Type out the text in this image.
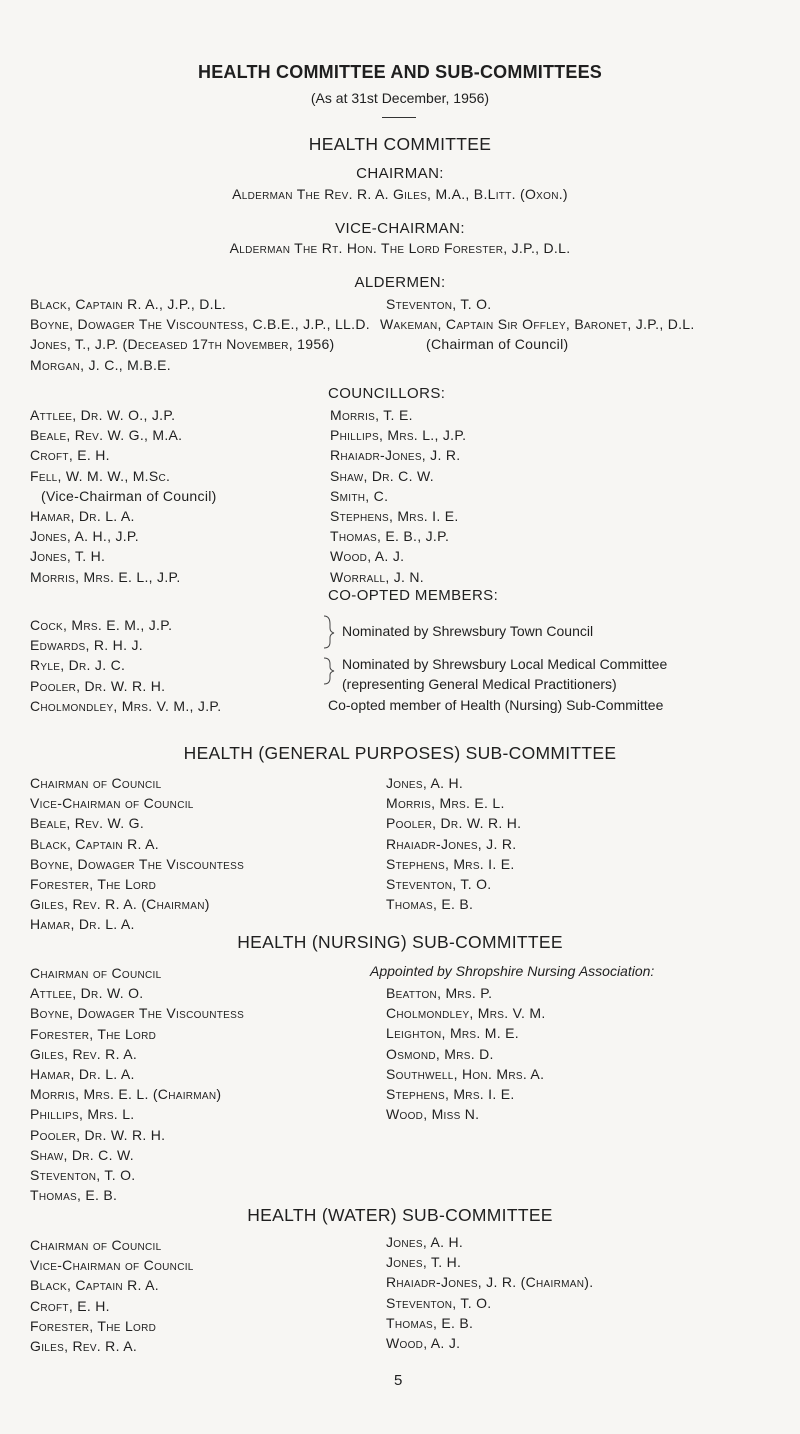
HEALTH COMMITTEE AND SUB-COMMITTEES
(As at 31st December, 1956)
HEALTH COMMITTEE
CHAIRMAN:
Alderman The Rev. R. A. Giles, M.A., B.Litt. (Oxon.)
VICE-CHAIRMAN:
Alderman The Rt. Hon. The Lord Forester, J.P., D.L.
ALDERMEN:
Black, Captain R. A., J.P., D.L.
Boyne, Dowager The Viscountess, C.B.E., J.P., LL.D.
Jones, T., J.P. (Deceased 17th November, 1956)
Morgan, J. C., M.B.E.
Steventon, T. O.
Wakeman, Captain Sir Offley, Baronet, J.P., D.L.
(Chairman of Council)
COUNCILLORS:
Attlee, Dr. W. O., J.P.
Beale, Rev. W. G., M.A.
Croft, E. H.
Fell, W. M. W., M.Sc.
(Vice-Chairman of Council)
Hamar, Dr. L. A.
Jones, A. H., J.P.
Jones, T. H.
Morris, Mrs. E. L., J.P.
Morris, T. E.
Phillips, Mrs. L., J.P.
Rhaiadr-Jones, J. R.
Shaw, Dr. C. W.
Smith, C.
Stephens, Mrs. I. E.
Thomas, E. B., J.P.
Wood, A. J.
Worrall, J. N.
CO-OPTED MEMBERS:
Cock, Mrs. E. M., J.P.
Edwards, R. H. J.
Ryle, Dr. J. C.
Pooler, Dr. W. R. H.
Cholmondley, Mrs. V. M., J.P.
Nominated by Shrewsbury Town Council
Nominated by Shrewsbury Local Medical Committee
(representing General Medical Practitioners)
Co-opted member of Health (Nursing) Sub-Committee
HEALTH (GENERAL PURPOSES) SUB-COMMITTEE
Chairman of Council
Vice-Chairman of Council
Beale, Rev. W. G.
Black, Captain R. A.
Boyne, Dowager The Viscountess
Forester, The Lord
Giles, Rev. R. A. (Chairman)
Hamar, Dr. L. A.
Jones, A. H.
Morris, Mrs. E. L.
Pooler, Dr. W. R. H.
Rhaiadr-Jones, J. R.
Stephens, Mrs. I. E.
Steventon, T. O.
Thomas, E. B.
HEALTH (NURSING) SUB-COMMITTEE
Chairman of Council
Attlee, Dr. W. O.
Boyne, Dowager The Viscountess
Forester, The Lord
Giles, Rev. R. A.
Hamar, Dr. L. A.
Morris, Mrs. E. L. (Chairman)
Phillips, Mrs. L.
Pooler, Dr. W. R. H.
Shaw, Dr. C. W.
Steventon, T. O.
Thomas, E. B.
Appointed by Shropshire Nursing Association:
Beatton, Mrs. P.
Cholmondley, Mrs. V. M.
Leighton, Mrs. M. E.
Osmond, Mrs. D.
Southwell, Hon. Mrs. A.
Stephens, Mrs. I. E.
Wood, Miss N.
HEALTH (WATER) SUB-COMMITTEE
Chairman of Council
Vice-Chairman of Council
Black, Captain R. A.
Croft, E. H.
Forester, The Lord
Giles, Rev. R. A.
Jones, A. H.
Jones, T. H.
Rhaiadr-Jones, J. R. (Chairman).
Steventon, T. O.
Thomas, E. B.
Wood, A. J.
5
